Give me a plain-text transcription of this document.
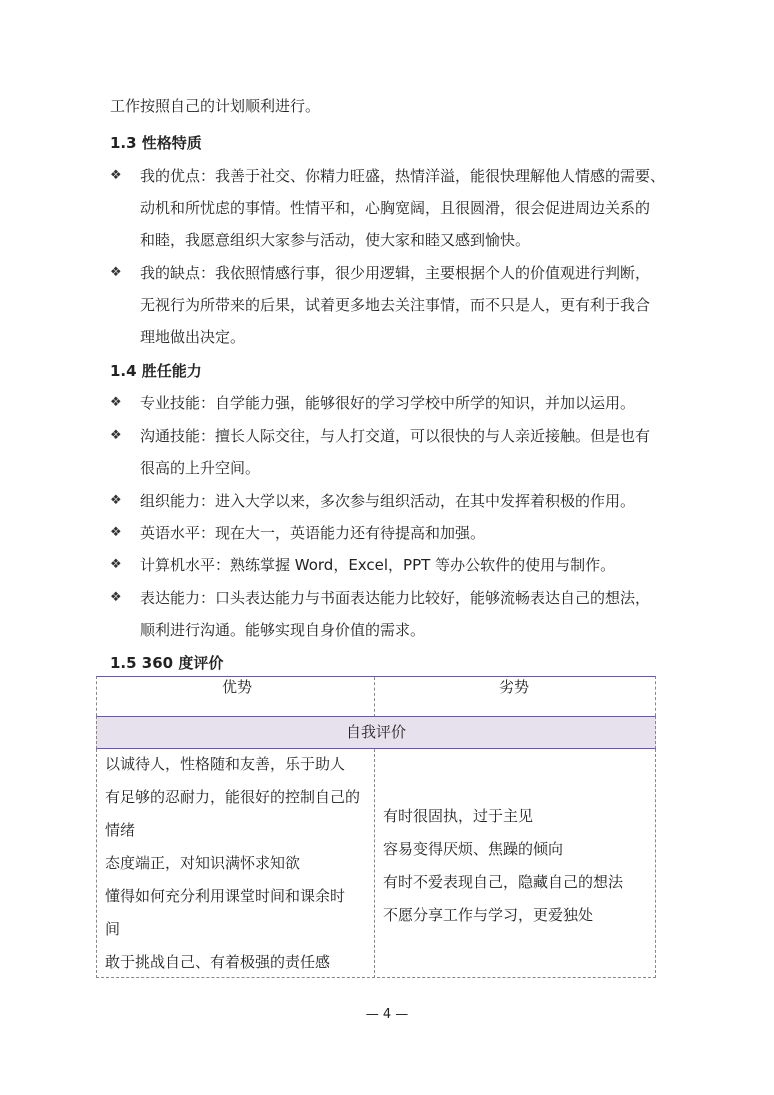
工作按照自己的计划顺利进行。
1.3 性格特质
❖ 我的优点：我善于社交、你精力旺盛，热情洋溢，能很快理解他人情感的需要、
动机和所忧虑的事情。性情平和，心胸宽阔，且很圆滑，很会促进周边关系的
和睦，我愿意组织大家参与活动，使大家和睦又感到愉快。
❖ 我的缺点：我依照情感行事，很少用逻辑，主要根据个人的价值观进行判断，
无视行为所带来的后果，试着更多地去关注事情，而不只是人，更有利于我合
理地做出决定。
1.4 胜任能力
❖ 专业技能：自学能力强，能够很好的学习学校中所学的知识，并加以运用。
❖ 沟通技能：擅长人际交往，与人打交道，可以很快的与人亲近接触。但是也有
很高的上升空间。
❖ 组织能力：进入大学以来，多次参与组织活动，在其中发挥着积极的作用。
❖ 英语水平：现在大一，英语能力还有待提高和加强。
❖ 计算机水平：熟练掌握 Word，Excel，PPT 等办公软件的使用与制作。
❖ 表达能力：口头表达能力与书面表达能力比较好，能够流畅表达自己的想法，
顺利进行沟通。能够实现自身价值的需求。
1.5 360 度评价
优势	劣势
自我评价
以诚待人，性格随和友善，乐于助人
有足够的忍耐力，能很好的控制自己的
情绪
态度端正，对知识满怀求知欲
懂得如何充分利用课堂时间和课余时
间
敢于挑战自己、有着极强的责任感
有时很固执，过于主见
容易变得厌烦、焦躁的倾向
有时不爱表现自己，隐藏自己的想法
不愿分享工作与学习，更爱独处
— 4 —
